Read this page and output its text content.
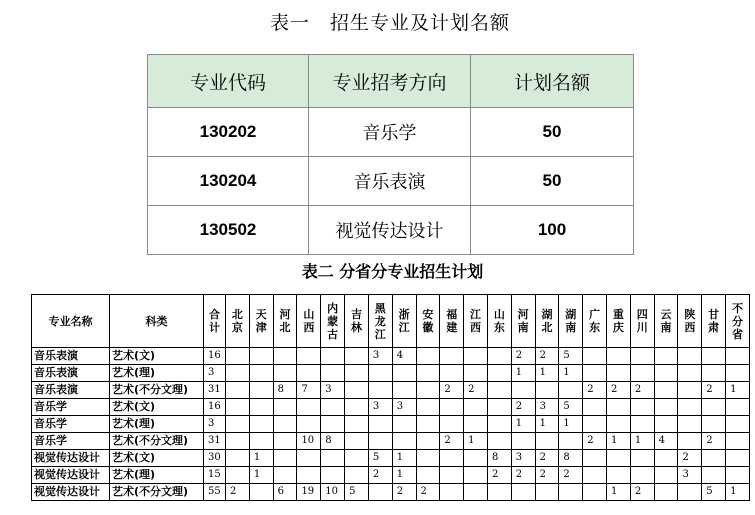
表一　招生专业及计划名额
专业代码	专业招考方向	计划名额
130202	音乐学	50
130204	音乐表演	50
130502	视觉传达设计	100
表二 分省分专业招生计划
专业名称	科类	合计	北京	天津	河北	山西	内蒙古	吉林	黑龙江	浙江	安徽	福建	江西	山东	河南	湖北	湖南	广东	重庆	四川	云南	陕西	甘肃	不分省
音乐表演	艺术(文)	16							3	4					2	2	5							
音乐表演	艺术(理)	3													1	1	1							
音乐表演	艺术(不分文理)	31			8	7	3					2	2					2	2	2			2	1
音乐学	艺术(文)	16							3	3					2	3	5							
音乐学	艺术(理)	3													1	1	1							
音乐学	艺术(不分文理)	31				10	8					2	1					2	1	1	4		2	
视觉传达设计	艺术(文)	30		1					5	1				8	3	2	8					2		
视觉传达设计	艺术(理)	15		1					2	1				2	2	2	2					3		
视觉传达设计	艺术(不分文理)	55	2		6	19	10	5		2	2								1	2			5	1
